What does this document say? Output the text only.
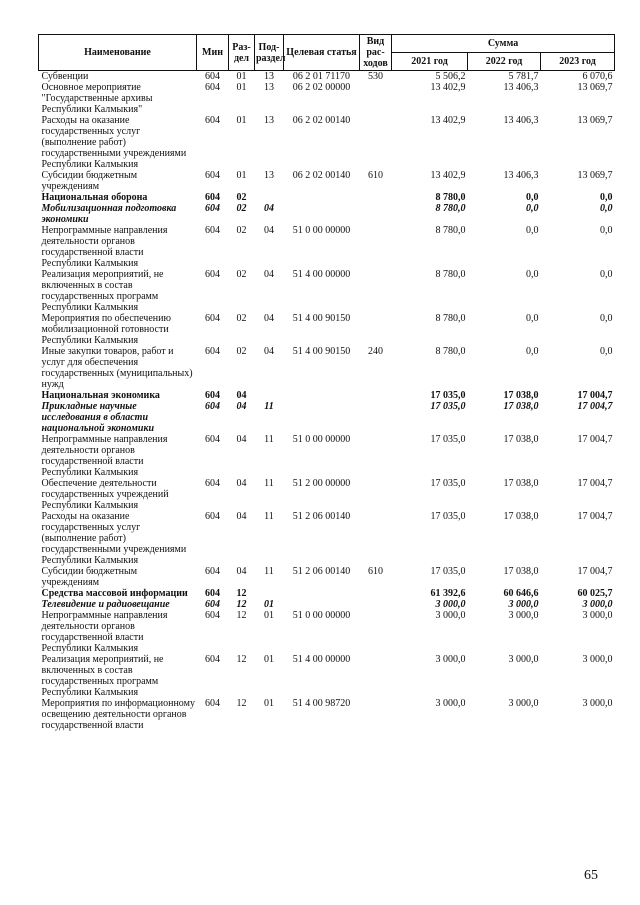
Наименование	Мин	Раз-дел	Под-раздел	Целевая статья	Вид рас-ходов	Сумма		
						2021 год	2022 год	2023 год
Субвенции	604	01	13	06 2 01 71170	530	5 506,2	5 781,7	6 070,6
Основное мероприятие "Государственные архивы Республики Калмыкия"	604	01	13	06 2 02 00000		13 402,9	13 406,3	13 069,7
Расходы на оказание государственных услуг (выполнение работ) государственными учреждениями Республики Калмыкия	604	01	13	06 2 02 00140		13 402,9	13 406,3	13 069,7
Субсидии бюджетным учреждениям	604	01	13	06 2 02 00140	610	13 402,9	13 406,3	13 069,7
Национальная оборона	604	02				8 780,0	0,0	0,0
Мобилизационная подготовка экономики	604	02	04			8 780,0	0,0	0,0
Непрограммные направления деятельности органов государственной власти Республики Калмыкия	604	02	04	51 0 00 00000		8 780,0	0,0	0,0
Реализация мероприятий, не включенных в состав государственных программ Республики Калмыкия	604	02	04	51 4 00 00000		8 780,0	0,0	0,0
Мероприятия по обеспечению мобилизационной готовности Республики Калмыкия	604	02	04	51 4 00 90150		8 780,0	0,0	0,0
Иные закупки товаров, работ и услуг для обеспечения государственных (муниципальных) нужд	604	02	04	51 4 00 90150	240	8 780,0	0,0	0,0
Национальная экономика	604	04				17 035,0	17 038,0	17 004,7
Прикладные научные исследования в области национальной экономики	604	04	11			17 035,0	17 038,0	17 004,7
Непрограммные направления деятельности органов государственной власти Республики Калмыкия	604	04	11	51 0 00 00000		17 035,0	17 038,0	17 004,7
Обеспечение деятельности государственных учреждений Республики Калмыкия	604	04	11	51 2 00 00000		17 035,0	17 038,0	17 004,7
Расходы на оказание государственных услуг (выполнение работ) государственными учреждениями Республики Калмыкия	604	04	11	51 2 06 00140		17 035,0	17 038,0	17 004,7
Субсидии бюджетным учреждениям	604	04	11	51 2 06 00140	610	17 035,0	17 038,0	17 004,7
Средства массовой информации	604	12				61 392,6	60 646,6	60 025,7
Телевидение и радиовещание	604	12	01			3 000,0	3 000,0	3 000,0
Непрограммные направления деятельности органов государственной власти Республики Калмыкия	604	12	01	51 0 00 00000		3 000,0	3 000,0	3 000,0
Реализация мероприятий, не включенных в состав государственных программ Республики Калмыкия	604	12	01	51 4 00 00000		3 000,0	3 000,0	3 000,0
Мероприятия по информационному освещению деятельности органов государственной власти	604	12	01	51 4 00 98720		3 000,0	3 000,0	3 000,0
65
